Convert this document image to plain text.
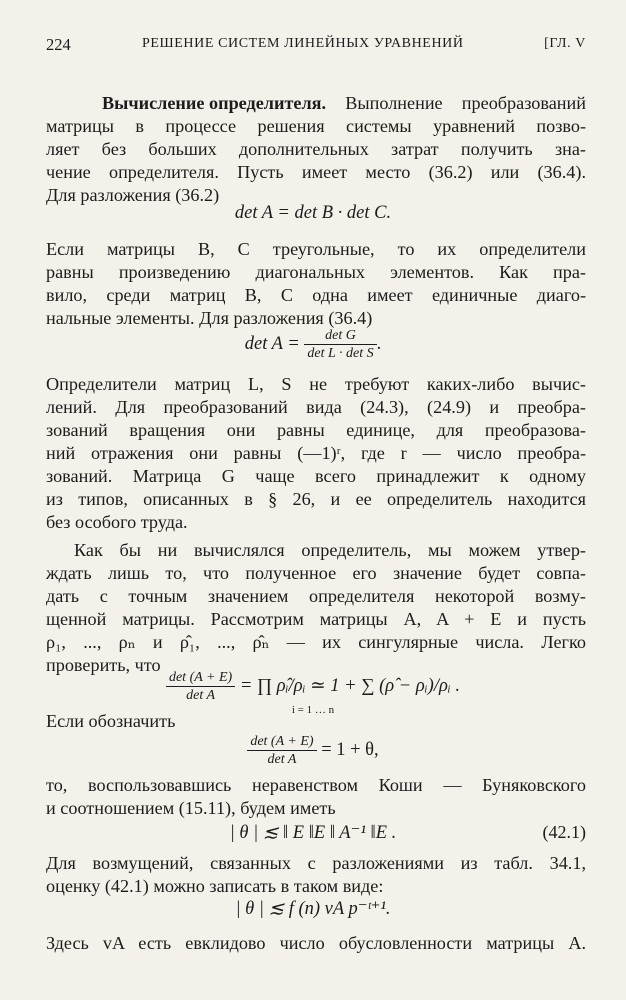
224	РЕШЕНИЕ СИСТЕМ ЛИНЕЙНЫХ УРАВНЕНИЙ	[ГЛ. V
Вычисление определителя. Выполнение преобразований
матрицы в процессе решения системы уравнений позво-
ляет без больших дополнительных затрат получить зна-
чение определителя. Пусть имеет место (36.2) или (36.4).
Для разложения (36.2)
det A = det B · det C.
Если матрицы B, C треугольные, то их определители
равны произведению диагональных элементов. Как пра-
вило, среди матриц B, C одна имеет единичные диаго-
нальные элементы. Для разложения (36.4)
$\det A = \frac{\text{det G}}{\text{det L · det S}}$ .
Определители матриц L, S не требуют каких-либо вычис-
лений. Для преобразований вида (24.3), (24.9) и преобра-
зований вращения они равны единице, для преобразова-
ний отражения они равны (—1)ʳ, где r — число преобра-
зований. Матрица G чаще всего принадлежит к одному
из типов, описанных в § 26, и ее определитель находится
без особого труда.
Как бы ни вычислялся определитель, мы можем утвер-
ждать лишь то, что полученное его значение будет совпа-
дать с точным значением определителя некоторой возму-
щенной матрицы. Рассмотрим матрицы A, A + E и пусть
ρ₁, ..., ρₙ и ρ̂₁, ..., ρ̂ₙ — их сингулярные числа. Легко
проверить, что
$\frac{\det (A + E)}{\text{det A}}$ = ∏ ρ̂ᵢ/ρᵢ ≃ 1 + ∑ (ρ̂ − ρᵢ)/ρᵢ .
i = 1 … n
Если обозначить
$\frac{\det (A + E)}{\text{det A}} = 1 + \theta$,
то, воспользовавшись неравенством Коши — Буняковского
и соотношением (15.11), будем иметь
| θ | ≲ ‖ E ‖E ‖ A⁻¹ ‖E .	(42.1)
Для возмущений, связанных с разложениями из табл. 34.1,
оценку (42.1) можно записать в таком виде:
| θ | ≲ f (n) vA p⁻ᵗ⁺¹.
Здесь vA есть евклидово число обусловленности матрицы A.
